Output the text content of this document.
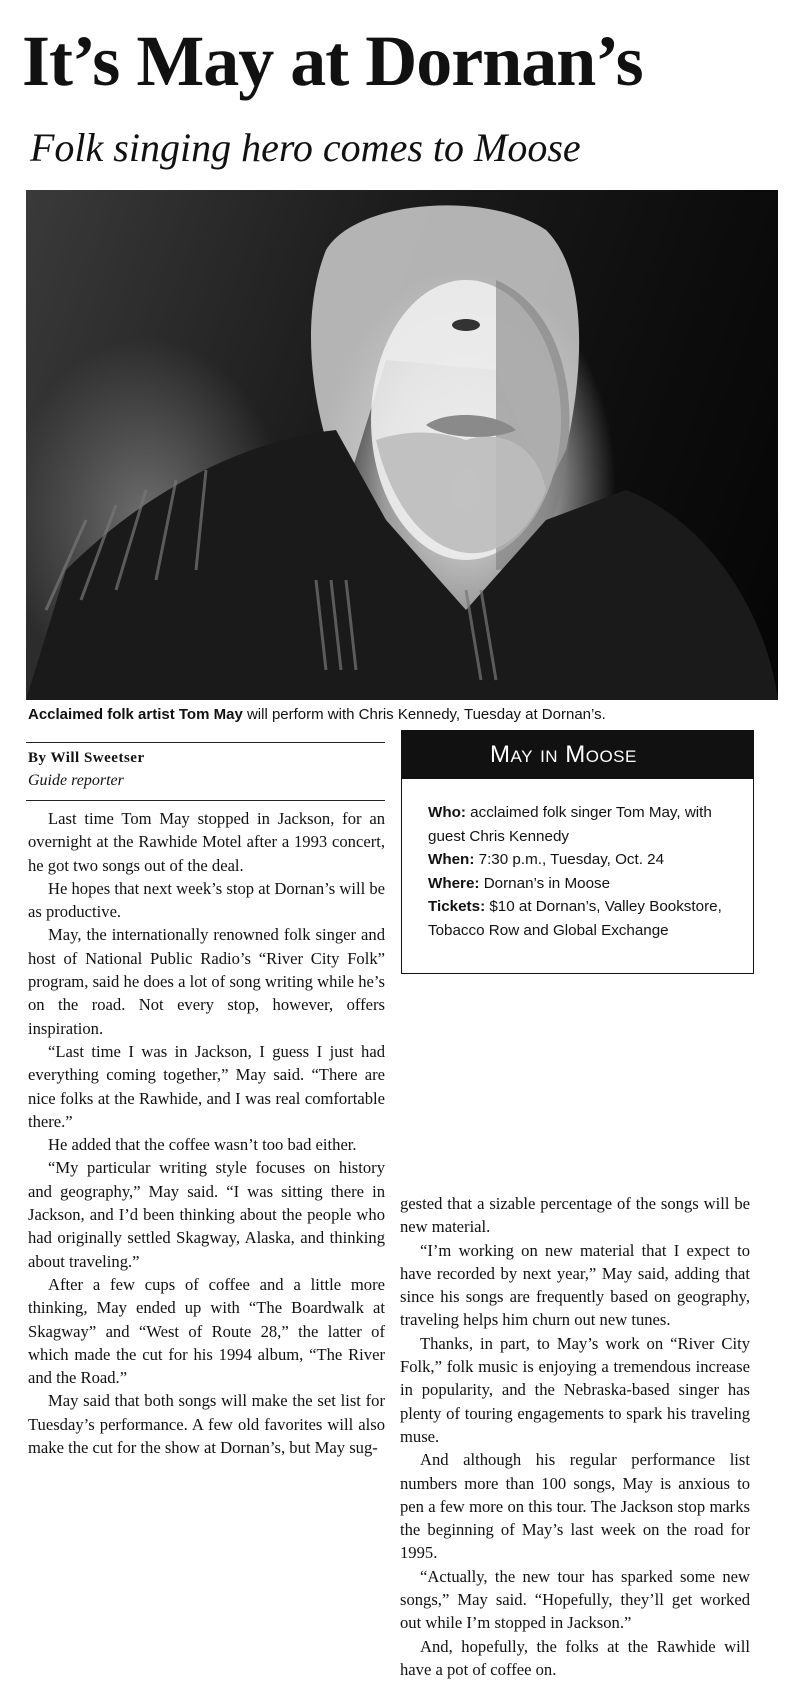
It’s May at Dornan’s
Folk singing hero comes to Moose
Acclaimed folk artist Tom May will perform with Chris Kennedy, Tuesday at Dornan’s.
By Will Sweetser
Guide reporter

Last time Tom May stopped in Jackson, for an overnight at the Rawhide Motel after a 1993 concert, he got two songs out of the deal.

He hopes that next week’s stop at Dornan’s will be as productive.

May, the internationally renowned folk singer and host of National Public Radio’s “River City Folk” program, said he does a lot of song writing while he’s on the road. Not every stop, however, offers inspiration.

“Last time I was in Jackson, I guess I just had everything coming together,” May said. “There are nice folks at the Rawhide, and I was real comfortable there.”

He added that the coffee wasn’t too bad either.

“My particular writing style focuses on history and geography,” May said. “I was sitting there in Jackson, and I’d been thinking about the people who had originally settled Skagway, Alaska, and thinking about traveling.”

After a few cups of coffee and a little more thinking, May ended up with “The Boardwalk at Skagway” and “West of Route 28,” the latter of which made the cut for his 1994 album, “The River and the Road.”

May said that both songs will make the set list for Tuesday’s performance. A few old favorites will also make the cut for the show at Dornan’s, but May sug-

May in Moose

Who: acclaimed folk singer Tom May, with guest Chris Kennedy

When: 7:30 p.m., Tuesday, Oct. 24

Where: Dornan’s in Moose

Tickets: $10 at Dornan’s, Valley Bookstore, Tobacco Row and Global Exchange

gested that a sizable percentage of the songs will be new material.

“I’m working on new material that I expect to have recorded by next year,” May said, adding that since his songs are frequently based on geography, traveling helps him churn out new tunes.

Thanks, in part, to May’s work on “River City Folk,” folk music is enjoying a tremendous increase in popularity, and the Nebraska-based singer has plenty of touring engagements to spark his traveling muse.

And although his regular performance list numbers more than 100 songs, May is anxious to pen a few more on this tour. The Jackson stop marks the beginning of May’s last week on the road for 1995.

“Actually, the new tour has sparked some new songs,” May said. “Hopefully, they’ll get worked out while I’m stopped in Jackson.”

And, hopefully, the folks at the Rawhide will have a pot of coffee on.
